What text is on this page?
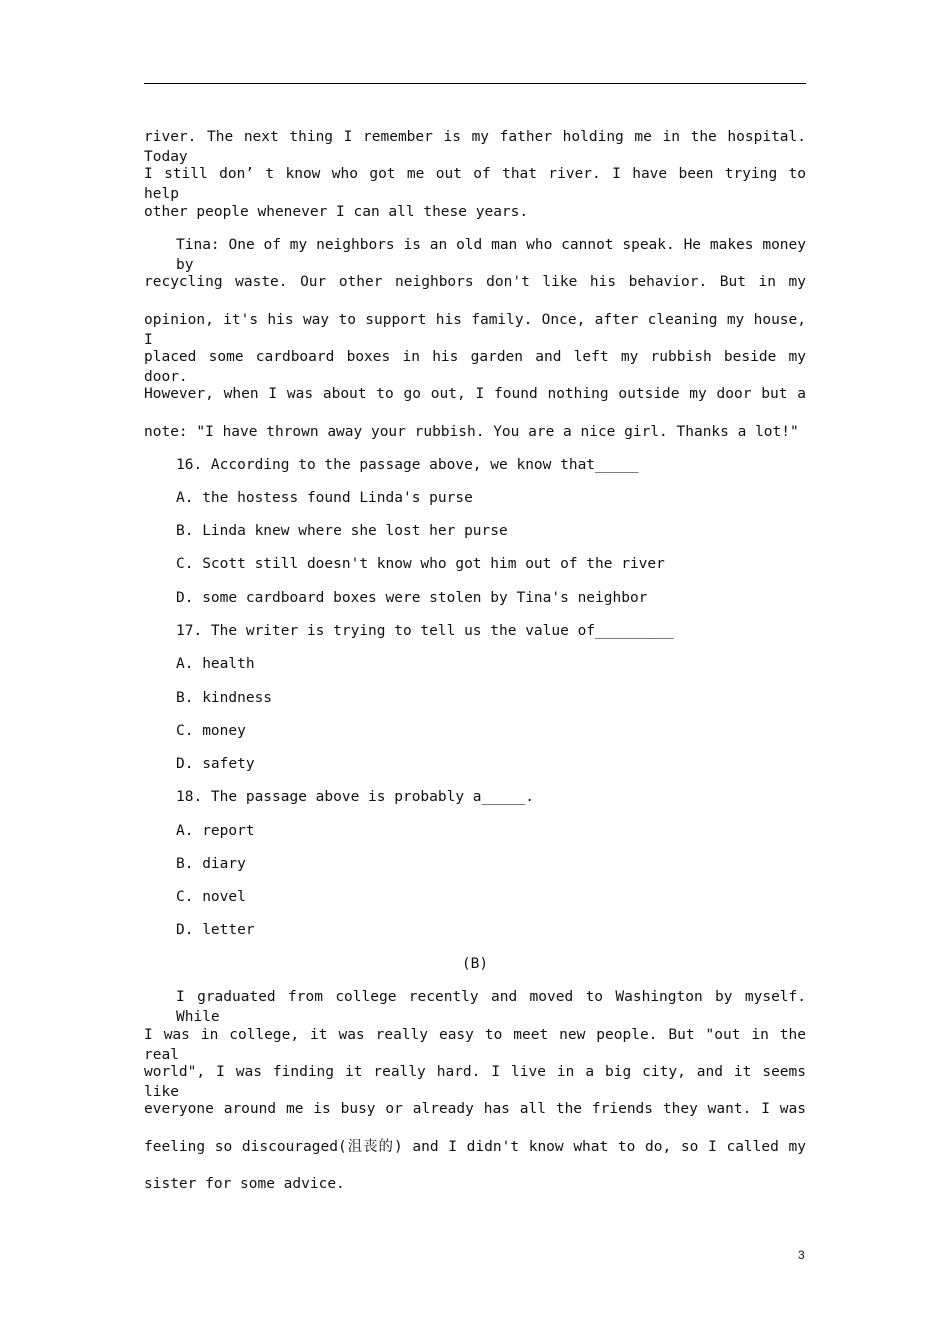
river. The next thing I remember is my father holding me in the hospital. Today
I still don’ t know who got me out of that river. I have been trying to help
other people whenever I can all these years.
Tina: One of my neighbors is an old man who cannot speak. He makes money by
recycling waste. Our other neighbors don't like his behavior. But in my
opinion, it's his way to support his family. Once, after cleaning my house, I
placed some cardboard boxes in his garden and left my rubbish beside my door.
However, when I was about to go out, I found nothing outside my door but a
note: "I have thrown away your rubbish. You are a nice girl. Thanks a lot!"
16. According to the passage above, we know that_____
A. the hostess found Linda's purse
B. Linda knew where she lost her purse
C. Scott still doesn't know who got him out of the river
D. some cardboard boxes were stolen by Tina's neighbor
17. The writer is trying to tell us the value of_________
A. health
B. kindness
C. money
D. safety
18. The passage above is probably a_____.
A. report
B. diary
C. novel
D. letter
(B)
I graduated from college recently and moved to Washington by myself. While
I was in college, it was really easy to meet new people. But "out in the real
world", I was finding it really hard. I live in a big city, and it seems like
everyone around me is busy or already has all the friends they want. I was
feeling so discouraged(沮丧的) and I didn't know what to do, so I called my
sister for some advice.
3
